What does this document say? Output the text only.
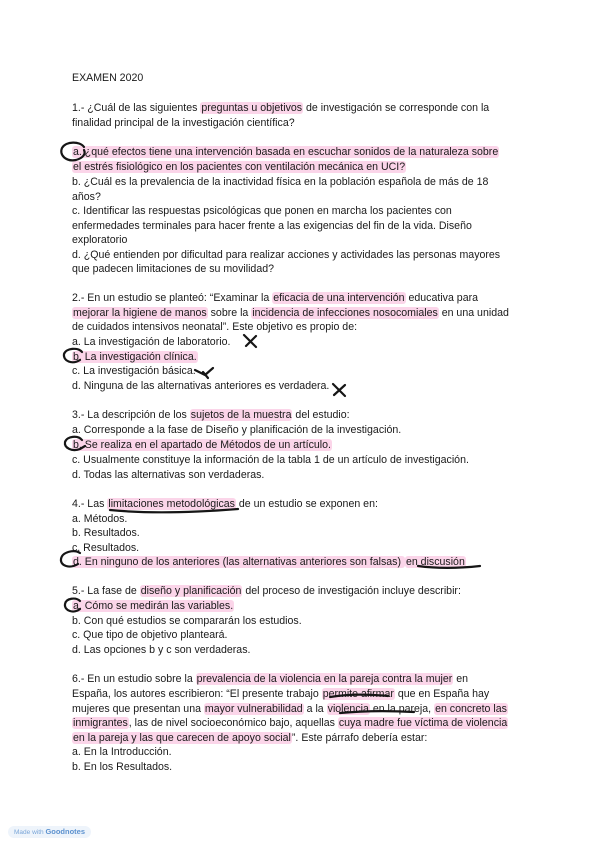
EXAMEN 2020
1.- ¿Cuál de las siguientes preguntas u objetivos de investigación se corresponde con la
finalidad principal de la investigación científica?
a. ¿qué efectos tiene una intervención basada en escuchar sonidos de la naturaleza sobre
el estrés fisiológico en los pacientes con ventilación mecánica en UCI?
b. ¿Cuál es la prevalencia de la inactividad física en la población española de más de 18
años?
c. Identificar las respuestas psicológicas que ponen en marcha los pacientes con
enfermedades terminales para hacer frente a las exigencias del fin de la vida. Diseño
exploratorio
d. ¿Qué entienden por dificultad para realizar acciones y actividades las personas mayores
que padecen limitaciones de su movilidad?
2.- En un estudio se planteó: “Examinar la eficacia de una intervención educativa para
mejorar la higiene de manos sobre la incidencia de infecciones nosocomiales en una unidad
de cuidados intensivos neonatal”. Este objetivo es propio de:
a. La investigación de laboratorio.
b. La investigación clínica.
c. La investigación básica.
d. Ninguna de las alternativas anteriores es verdadera.
3.- La descripción de los sujetos de la muestra del estudio:
a. Corresponde a la fase de Diseño y planificación de la investigación.
b. Se realiza en el apartado de Métodos de un artículo.
c. Usualmente constituye la información de la tabla 1 de un artículo de investigación.
d. Todas las alternativas son verdaderas.
4.- Las limitaciones metodológicas de un estudio se exponen en:
a. Métodos.
b. Resultados.
c. Resultados.
d. En ninguno de los anteriores (las alternativas anteriores son falsas) en discusión
5.- La fase de diseño y planificación del proceso de investigación incluye describir:
a. Cómo se medirán las variables.
b. Con qué estudios se compararán los estudios.
c. Que tipo de objetivo planteará.
d. Las opciones b y c son verdaderas.
6.- En un estudio sobre la prevalencia de la violencia en la pareja contra la mujer en
España, los autores escribieron: “El presente trabajo permite afirmar que en España hay
mujeres que presentan una mayor vulnerabilidad a la violencia en la pareja, en concreto las
inmigrantes, las de nivel socioeconómico bajo, aquellas cuya madre fue víctima de violencia
en la pareja y las que carecen de apoyo social”. Este párrafo debería estar:
a. En la Introducción.
b. En los Resultados.
Made with Goodnotes
